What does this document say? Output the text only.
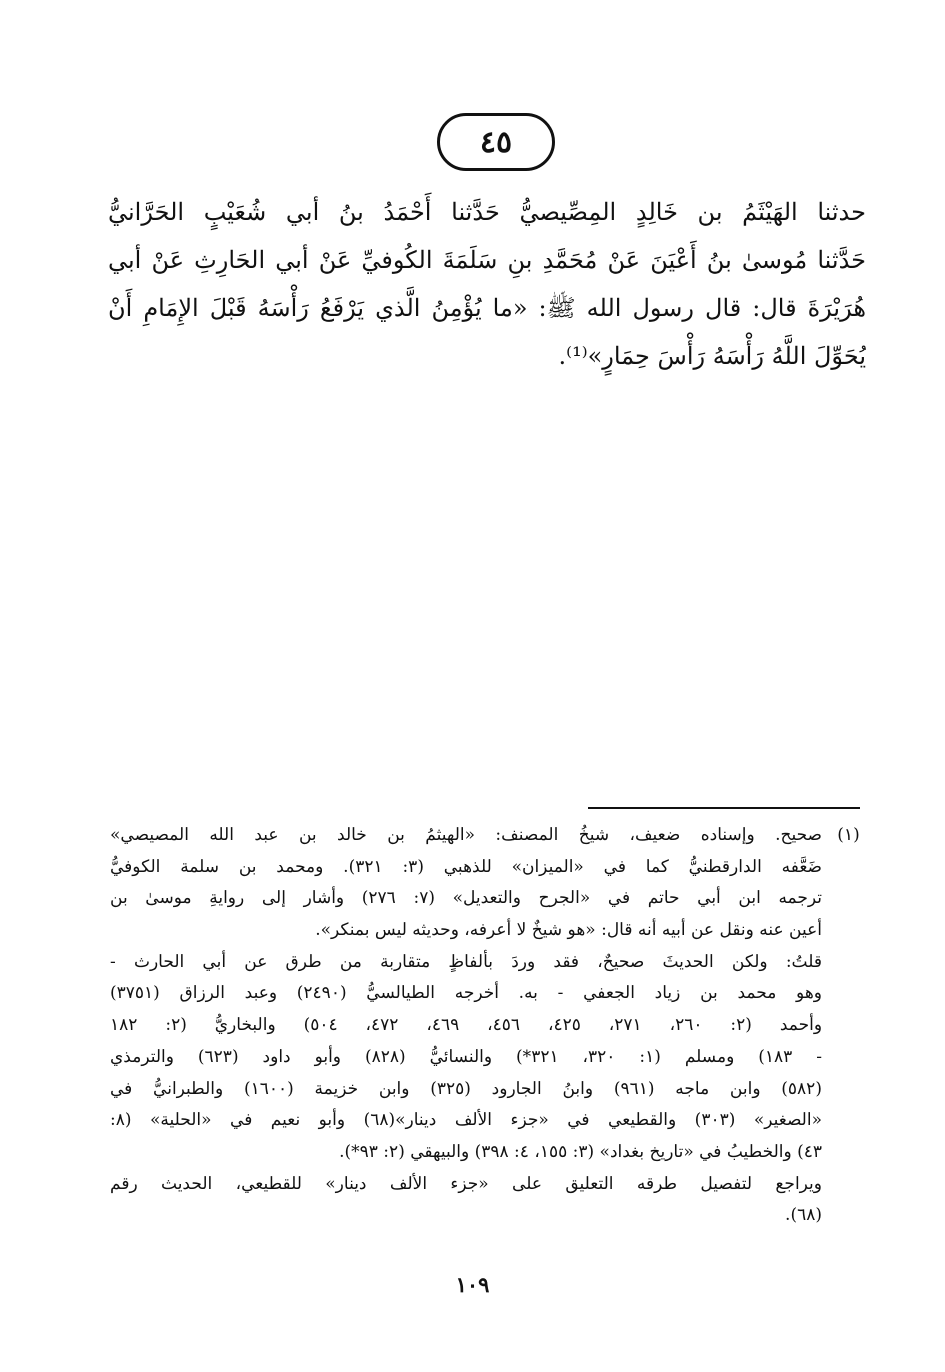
٤٥
حدثنا الهَيْثَمُ بن خَالِدٍ المِصِّيصيُّ حَدَّثنا أَحْمَدُ بنُ أبي شُعَيْبٍ الحَرَّانيُّ
حَدَّثنا مُوسىٰ بنُ أَعْيَنَ عَنْ مُحَمَّدِ بنِ سَلَمَةَ الكُوفيِّ عَنْ أبي الحَارِثِ عَنْ أبي
هُرَيْرَةَ قال: قال رسول الله ﷺ: «ما يُؤْمِنُ الَّذي يَرْفَعُ رَأْسَهُ قَبْلَ الإِمَامِ أَنْ
يُحَوِّلَ اللَّهُ رَأْسَهُ رَأْسَ حِمَارٍ»⁽¹⁾.
(١)
صحيح. وإسناده ضعيف، شيخُ المصنف: «الهيثمُ بن خالد بن عبد الله المصيصي»
ضَعَّفه الدارقطنيُّ كما في «الميزان» للذهبي (٣: ٣٢١). ومحمد بن سلمة الكوفيُّ
ترجمه ابن أبي حاتم في «الجرح والتعديل» (٧: ٢٧٦) وأشار إلى روايةِ موسىٰ بن
أعين عنه ونقل عن أبيه أنه قال: «هو شيخٌ لا أعرفه، وحديثه ليس بمنكر».
قلتُ: ولكن الحديثَ صحيحٌ، فقد وردَ بألفاظٍ متقاربة من طرق عن أبي الحارث -
وهو محمد بن زياد الجعفي - به. أخرجه الطيالسيُّ (٢٤٩٠) وعبد الرزاق (٣٧٥١)
وأحمد (٢: ٢٦٠، ٢٧١، ٤٢٥، ٤٥٦، ٤٦٩، ٤٧٢، ٥٠٤) والبخاريُّ (٢: ١٨٢
- ١٨٣) ومسلم (١: ٣٢٠، ٣٢١*) والنسائيُّ (٨٢٨) وأبو داود (٦٢٣) والترمذي
(٥٨٢) وابن ماجه (٩٦١) وابنُ الجارود (٣٢٥) وابن خزيمة (١٦٠٠) والطبرانيُّ في
«الصغير» (٣٠٣) والقطيعي في «جزء الألف دينار»(٦٨) وأبو نعيم في «الحلية» (٨:
٤٣) والخطيبُ في «تاريخ بغداد» (٣: ١٥٥، ٤: ٣٩٨) والبيهقي (٢: ٩٣*).
ويراجع لتفصيل طرقه التعليق على «جزء الألف دينار» للقطيعي، الحديث رقم
(٦٨).
١٠٩
